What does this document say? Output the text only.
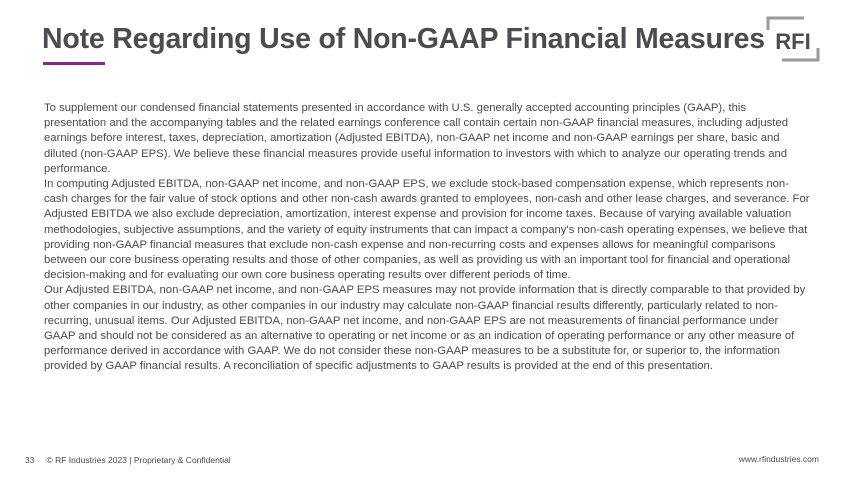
Note Regarding Use of Non-GAAP Financial Measures RFI

To supplement our condensed financial statements presented in accordance with U.S. generally accepted accounting principles (GAAP), this presentation and the accompanying tables and the related earnings conference call contain certain non-GAAP financial measures, including adjusted earnings before interest, taxes, depreciation, amortization (Adjusted EBITDA), non-GAAP net income and non-GAAP earnings per share, basic and diluted (non-GAAP EPS). We believe these financial measures provide useful information to investors with which to analyze our operating trends and performance.

In computing Adjusted EBITDA, non-GAAP net income, and non-GAAP EPS, we exclude stock-based compensation expense, which represents non-cash charges for the fair value of stock options and other non-cash awards granted to employees, non-cash and other lease charges, and severance. For Adjusted EBITDA we also exclude depreciation, amortization, interest expense and provision for income taxes. Because of varying available valuation methodologies, subjective assumptions, and the variety of equity instruments that can impact a company's non-cash operating expenses, we believe that providing non-GAAP financial measures that exclude non-cash expense and non-recurring costs and expenses allows for meaningful comparisons between our core business operating results and those of other companies, as well as providing us with an important tool for financial and operational decision-making and for evaluating our own core business operating results over different periods of time.

Our Adjusted EBITDA, non-GAAP net income, and non-GAAP EPS measures may not provide information that is directly comparable to that provided by other companies in our industry, as other companies in our industry may calculate non-GAAP financial results differently, particularly related to non-recurring, unusual items. Our Adjusted EBITDA, non-GAAP net income, and non-GAAP EPS are not measurements of financial performance under GAAP and should not be considered as an alternative to operating or net income or as an indication of operating performance or any other measure of performance derived in accordance with GAAP. We do not consider these non-GAAP measures to be a substitute for, or superior to, the information provided by GAAP financial results. A reconciliation of specific adjustments to GAAP results is provided at the end of this presentation.

33 © RF Industries 2023 | Proprietary & Confidential	www.rfindustries.com
